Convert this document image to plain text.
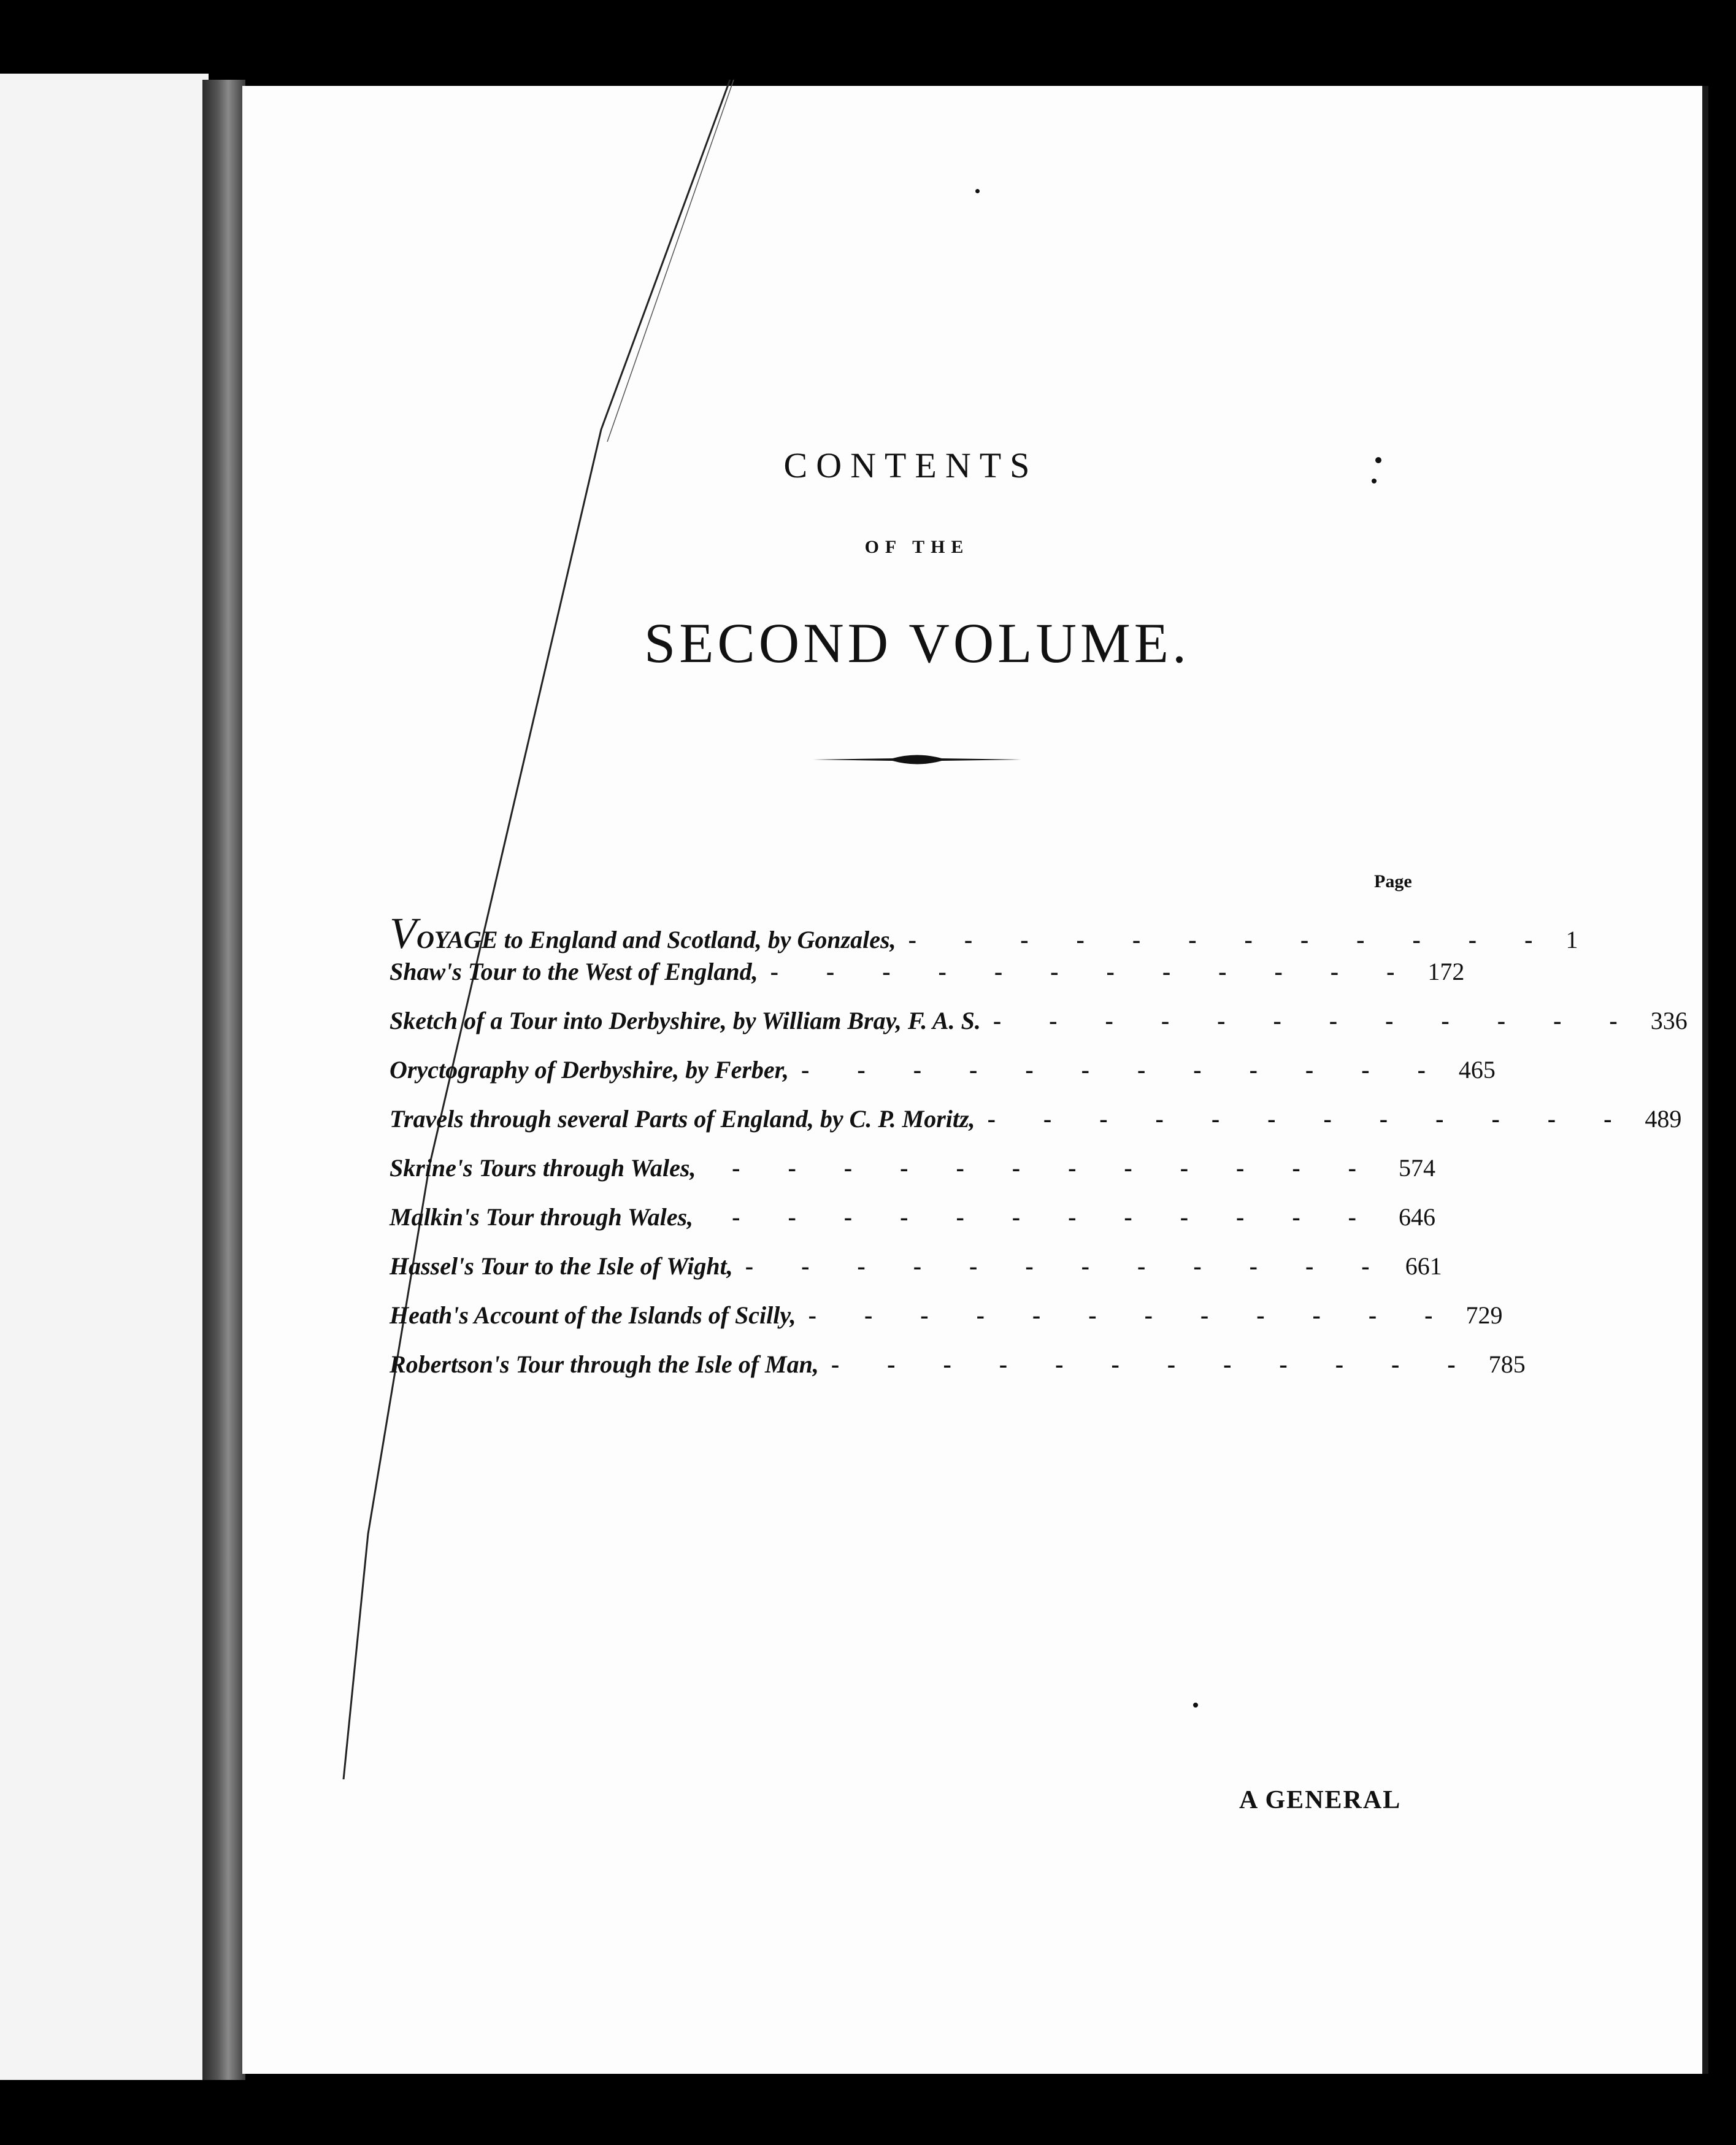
CONTENTS
OF THE
SECOND VOLUME.
Page
VOYAGE to England and Scotland, by Gonzales, - - - - - - - - - - - - 1
Shaw's Tour to the West of England, - - - - - - - - - - - - 172
Sketch of a Tour into Derbyshire, by William Bray, F. A. S. - - - - - - - - - - - - 336
Oryctography of Derbyshire, by Ferber, - - - - - - - - - - - - 465
Travels through several Parts of England, by C. P. Moritz, - - - - - - - - - - - - 489
Skrine's Tours through Wales,	- - - - - - - - - - - - 574
Malkin's Tour through Wales,	- - - - - - - - - - - - 646
Hassel's Tour to the Isle of Wight, - - - - - - - - - - - - 661
Heath's Account of the Islands of Scilly, - - - - - - - - - - - - 729
Robertson's Tour through the Isle of Man, - - - - - - - - - - - - 785
A GENERAL
